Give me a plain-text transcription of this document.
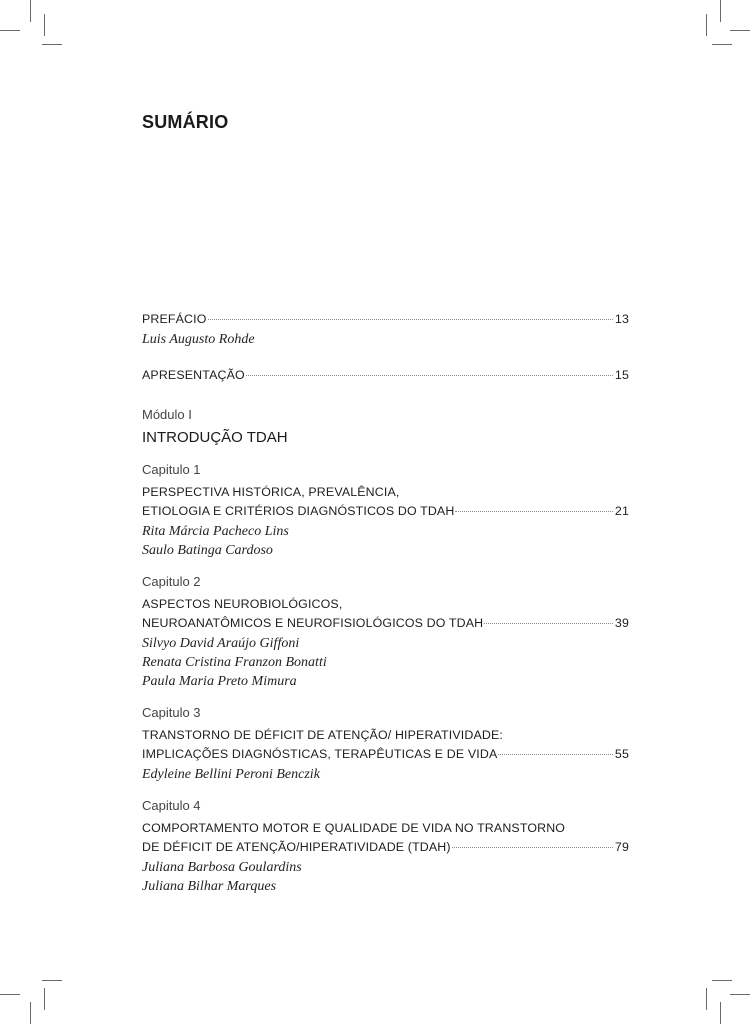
SUMÁRIO
PREFÁCIO	13
Luis Augusto Rohde
APRESENTAÇÃO	15
Módulo I
INTRODUÇÃO TDAH
Capitulo 1
PERSPECTIVA HISTÓRICA, PREVALÊNCIA,
ETIOLOGIA E CRITÉRIOS DIAGNÓSTICOS DO TDAH	21
Rita Márcia Pacheco Lins
Saulo Batinga Cardoso
Capitulo 2
ASPECTOS NEUROBIOLÓGICOS,
NEUROANATÔMICOS E NEUROFISIOLÓGICOS DO TDAH	39
Silvyo David Araújo Giffoni
Renata Cristina Franzon Bonatti
Paula Maria Preto Mimura
Capitulo 3
TRANSTORNO DE DÉFICIT DE ATENÇÃO/ HIPERATIVIDADE:
IMPLICAÇÕES DIAGNÓSTICAS, TERAPÊUTICAS E DE VIDA	55
Edyleine Bellini Peroni Benczik
Capitulo 4
COMPORTAMENTO MOTOR E QUALIDADE DE VIDA NO TRANSTORNO
DE DÉFICIT DE ATENÇÃO/HIPERATIVIDADE (TDAH)	79
Juliana Barbosa Goulardins
Juliana Bilhar Marques
